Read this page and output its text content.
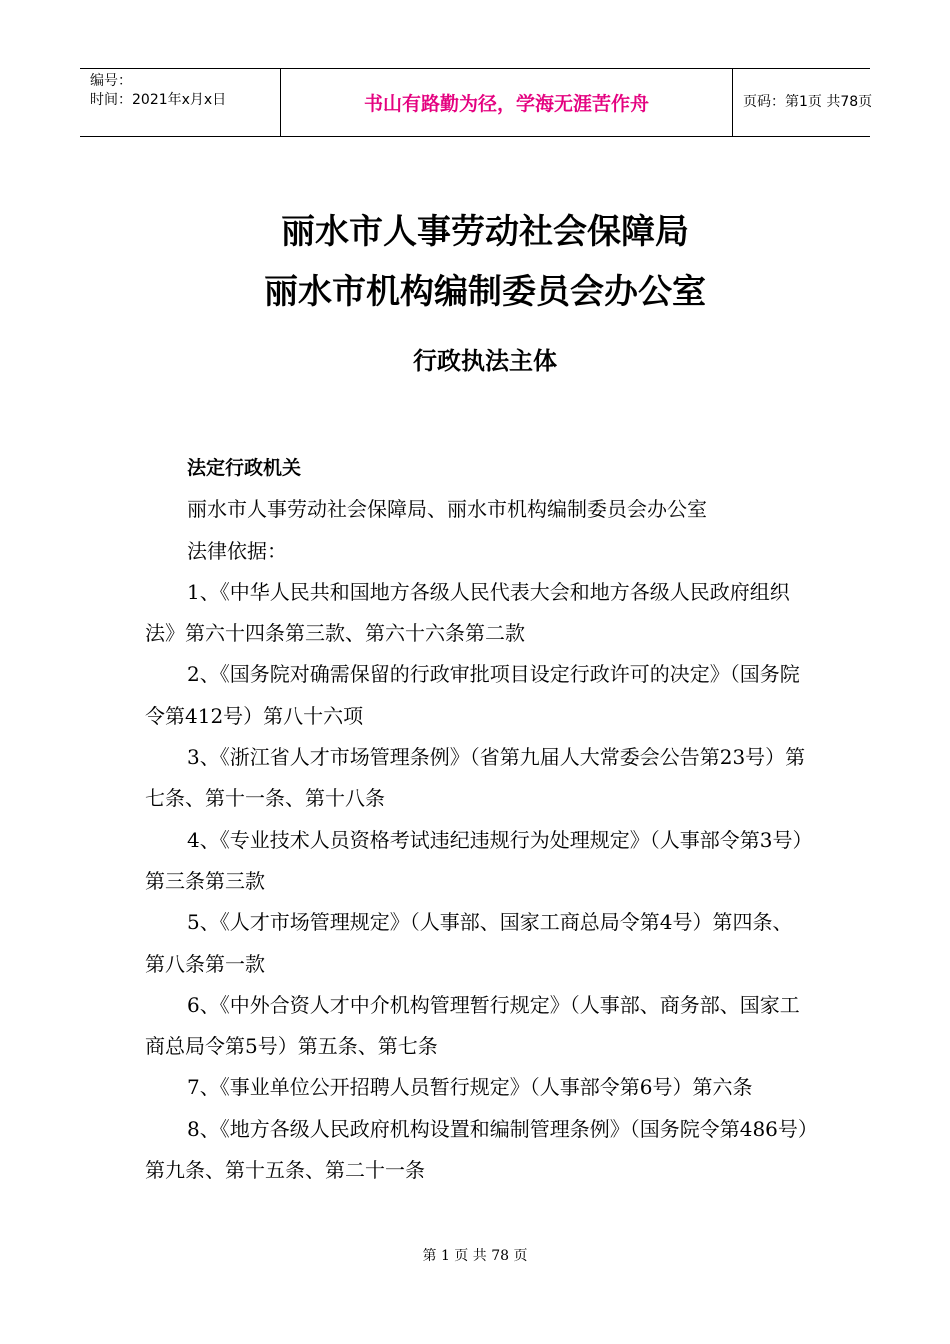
编号：
时间：2021年x月x日	书山有路勤为径，学海无涯苦作舟	页码：第1页 共78页
丽水市人事劳动社会保障局
丽水市机构编制委员会办公室
行政执法主体

法定行政机关

丽水市人事劳动社会保障局、丽水市机构编制委员会办公室

法律依据：

1、《中华人民共和国地方各级人民代表大会和地方各级人民政府组织法》第六十四条第三款、第六十六条第二款

2、《国务院对确需保留的行政审批项目设定行政许可的决定》（国务院令第412号）第八十六项

3、《浙江省人才市场管理条例》（省第九届人大常委会公告第23号）第七条、第十一条、第十八条

4、《专业技术人员资格考试违纪违规行为处理规定》（人事部令第3号）第三条第三款

5、《人才市场管理规定》（人事部、国家工商总局令第4号）第四条、第八条第一款

6、《中外合资人才中介机构管理暂行规定》（人事部、商务部、国家工商总局令第5号）第五条、第七条

7、《事业单位公开招聘人员暂行规定》（人事部令第6号）第六条

8、《地方各级人民政府机构设置和编制管理条例》（国务院令第486号）第九条、第十五条、第二十一条

第 1 页 共 78 页
